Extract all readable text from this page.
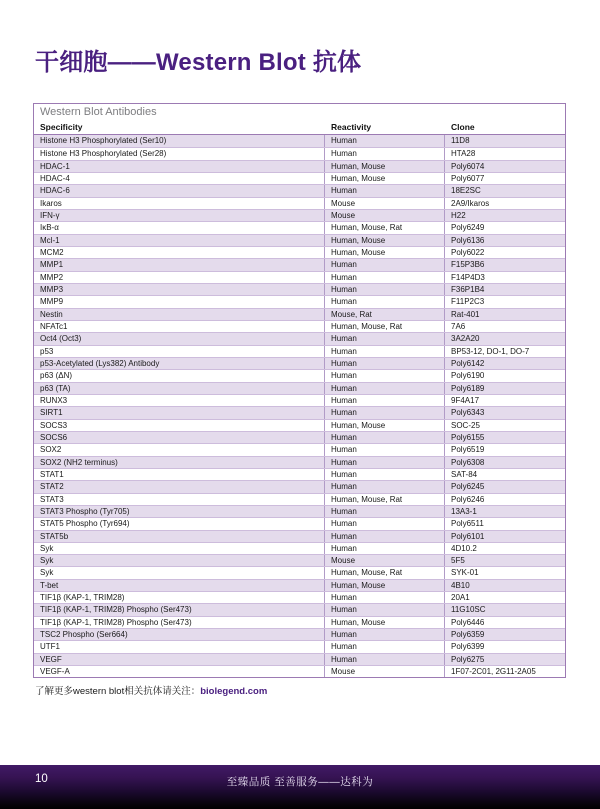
干细胞——Western Blot 抗体
Western Blot Antibodies
Specificity	Reactivity	Clone
Histone H3 Phosphorylated (Ser10)	Human	11D8
Histone H3 Phosphorylated (Ser28)	Human	HTA28
HDAC-1	Human, Mouse	Poly6074
HDAC-4	Human, Mouse	Poly6077
HDAC-6	Human	18E2SC
Ikaros	Mouse	2A9/Ikaros
IFN-γ	Mouse	H22
IκB-α	Human, Mouse, Rat	Poly6249
Mcl-1	Human, Mouse	Poly6136
MCM2	Human, Mouse	Poly6022
MMP1	Human	F15P3B6
MMP2	Human	F14P4D3
MMP3	Human	F36P1B4
MMP9	Human	F11P2C3
Nestin	Mouse, Rat	Rat-401
NFATc1	Human, Mouse, Rat	7A6
Oct4 (Oct3)	Human	3A2A20
p53	Human	BP53-12, DO-1, DO-7
p53-Acetylated (Lys382) Antibody	Human	Poly6142
p63 (ΔN)	Human	Poly6190
p63 (TA)	Human	Poly6189
RUNX3	Human	9F4A17
SIRT1	Human	Poly6343
SOCS3	Human, Mouse	SOC-25
SOCS6	Human	Poly6155
SOX2	Human	Poly6519
SOX2 (NH2 terminus)	Human	Poly6308
STAT1	Human	SAT-84
STAT2	Human	Poly6245
STAT3	Human, Mouse, Rat	Poly6246
STAT3 Phospho (Tyr705)	Human	13A3-1
STAT5 Phospho (Tyr694)	Human	Poly6511
STAT5b	Human	Poly6101
Syk	Human	4D10.2
Syk	Mouse	5F5
Syk	Human, Mouse, Rat	SYK-01
T-bet	Human, Mouse	4B10
TIF1β (KAP-1, TRIM28)	Human	20A1
TIF1β (KAP-1, TRIM28) Phospho (Ser473)	Human	11G10SC
TIF1β (KAP-1, TRIM28) Phospho (Ser473)	Human, Mouse	Poly6446
TSC2 Phospho (Ser664)	Human	Poly6359
UTF1	Human	Poly6399
VEGF	Human	Poly6275
VEGF-A	Mouse	1F07-2C01, 2G11-2A05

了解更多western blot相关抗体请关注：biolegend.com

10	至臻品质 至善服务——达科为
